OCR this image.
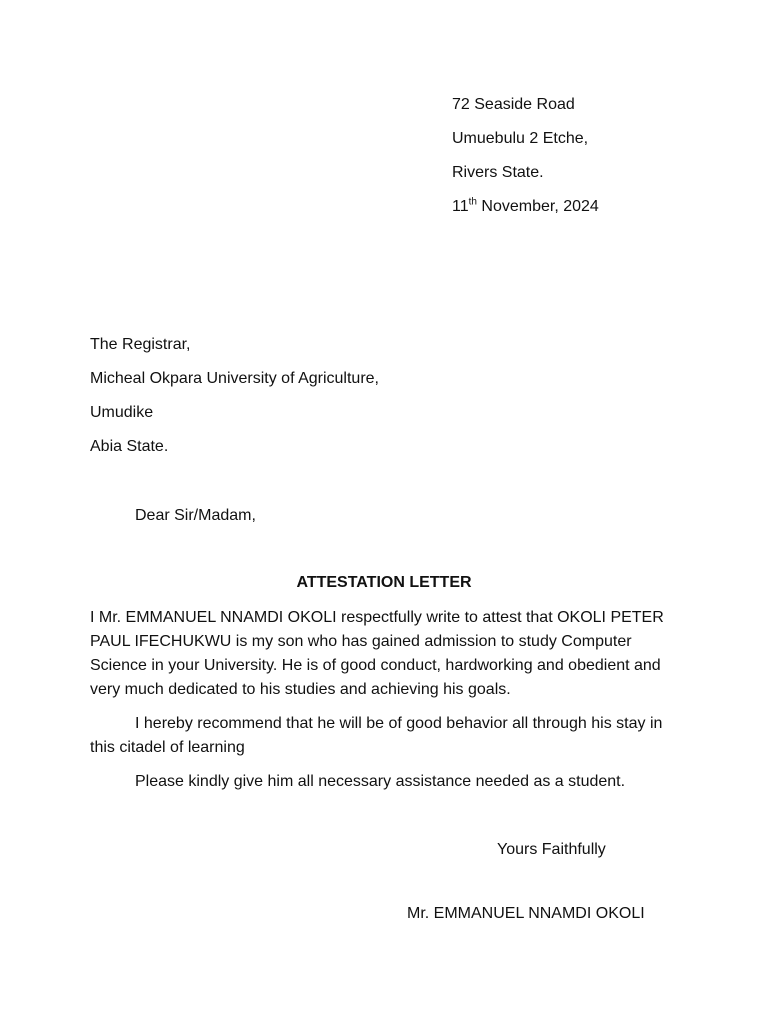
72 Seaside Road
Umuebulu 2 Etche,
Rivers State.
11th November, 2024
The Registrar,
Micheal Okpara University of Agriculture,
Umudike
Abia State.
Dear Sir/Madam,
ATTESTATION LETTER
I Mr. EMMANUEL NNAMDI OKOLI respectfully write to attest that OKOLI PETER
PAUL IFECHUKWU is my son who has gained admission to study Computer
Science in your University. He is of good conduct, hardworking and obedient and
very much dedicated to his studies and achieving his goals.
I hereby recommend that he will be of good behavior all through his stay in
this citadel of learning
Please kindly give him all necessary assistance needed as a student.
Yours Faithfully
Mr. EMMANUEL NNAMDI OKOLI
